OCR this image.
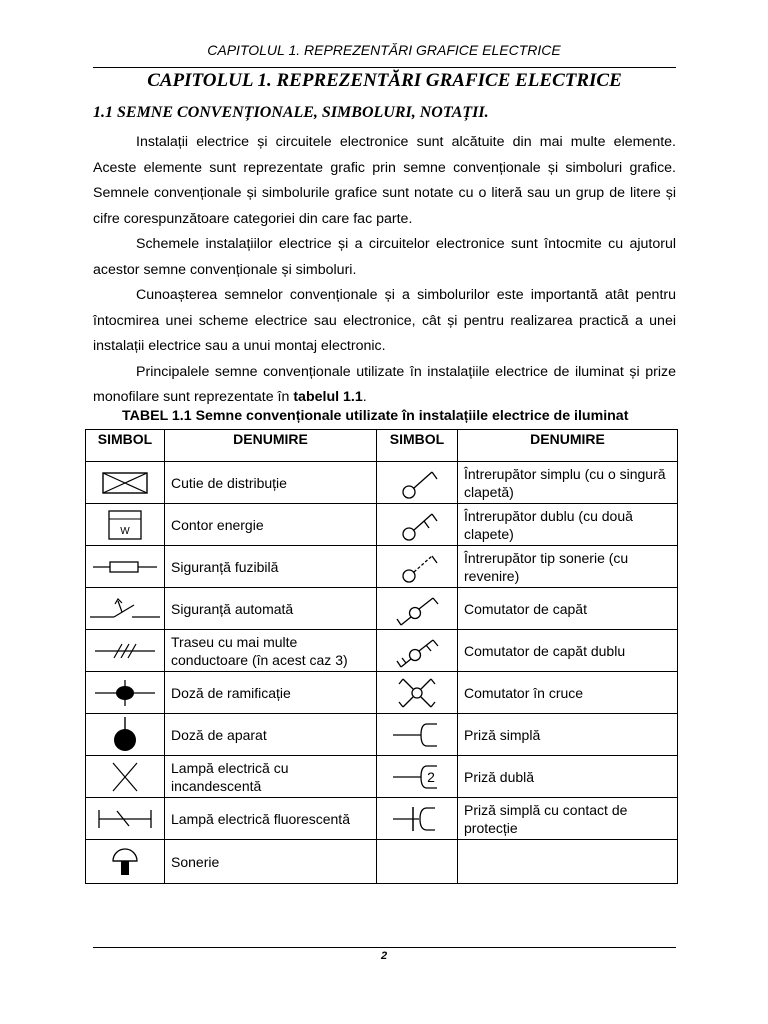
CAPITOLUL 1. REPREZENTĂRI GRAFICE ELECTRICE
CAPITOLUL 1. REPREZENTĂRI GRAFICE ELECTRICE
1.1 SEMNE CONVENȚIONALE, SIMBOLURI, NOTAȚII.

Instalații electrice și circuitele electronice sunt alcătuite din mai multe elemente. Aceste elemente sunt reprezentate grafic prin semne convenționale și simboluri grafice. Semnele convenționale și simbolurile grafice sunt notate cu o literă sau un grup de litere și cifre corespunzătoare categoriei din care fac parte.

Schemele instalațiilor electrice și a circuitelor electronice sunt întocmite cu ajutorul acestor semne convenționale și simboluri.

Cunoașterea semnelor convenționale și a simbolurilor este importantă atât pentru întocmirea unei scheme electrice sau electronice, cât și pentru realizarea practică a unei instalații electrice sau a unui montaj electronic.

Principalele semne convenționale utilizate în instalațiile electrice de iluminat și prize monofilare sunt reprezentate în tabelul 1.1.

TABEL 1.1 Semne convenționale utilizate în instalațiile electrice de iluminat
SIMBOL	DENUMIRE	SIMBOL	DENUMIRE

	Cutie de distribuție		Întrerupător simplu (cu o singură clapetă)

W	Contor energie		Întrerupător dublu (cu două clapete)

	Siguranță fuzibilă		Întrerupător tip sonerie (cu revenire)

	Siguranță automată		Comutator de capăt

	Traseu cu mai multe conductoare (în acest caz 3)		Comutator de capăt dublu

	Doză de ramificație		Comutator în cruce

	Doză de aparat		Priză simplă

	Lampă electrică cu incandescentă	2	Priză dublă

	Lampă electrică fluorescentă		Priză simplă cu contact de protecție

	Sonerie		
2
